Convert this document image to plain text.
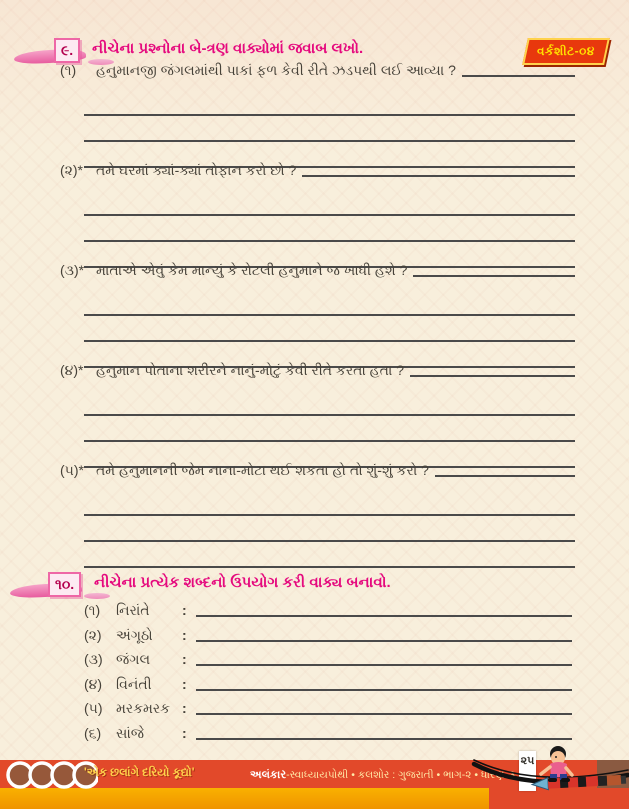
૯.	નીચેના પ્રશ્નોના બે-ત્રણ વાક્યોમાં જવાબ લખો.	વર્કશીટ-૦૪
(૧)	હનુમાનજી જંગલમાંથી પાકાં ફળ કેવી રીતે ઝડપથી લઈ આવ્યા ?
(૨)* તમે ઘરમાં ક્યાં-ક્યાં તોફાન કરો છો ?
(૩)* માતાએ એવું કેમ માન્યું કે રોટલી હનુમાને જ ખાધી હશે ?
(૪)* હનુમાન પોતાના શરીરને નાનું-મોટું કેવી રીતે કરતા હતા ?
(૫)* તમે હનુમાનની જેમ નાના-મોટા થઈ શકતા હો તો શું-શું કરો ?
૧૦.	નીચેના પ્રત્યેક શબ્દનો ઉપયોગ કરી વાક્ય બનાવો.
(૧)	નિરાંતે	:
(૨)	અંગૂઠો	:
(૩) જંગલ	:
(૪) વિનંતી	:
(૫) મરકમરક :
(૬)	સાંજે	:
'એક છલાંગે દરિયો કૂદ્યો'	અલંકાર-સ્વાધ્યાયપોથી • કલશોર : ગુજરાતી • ભાગ-૨ • ધોરણ-૩
૨૫
